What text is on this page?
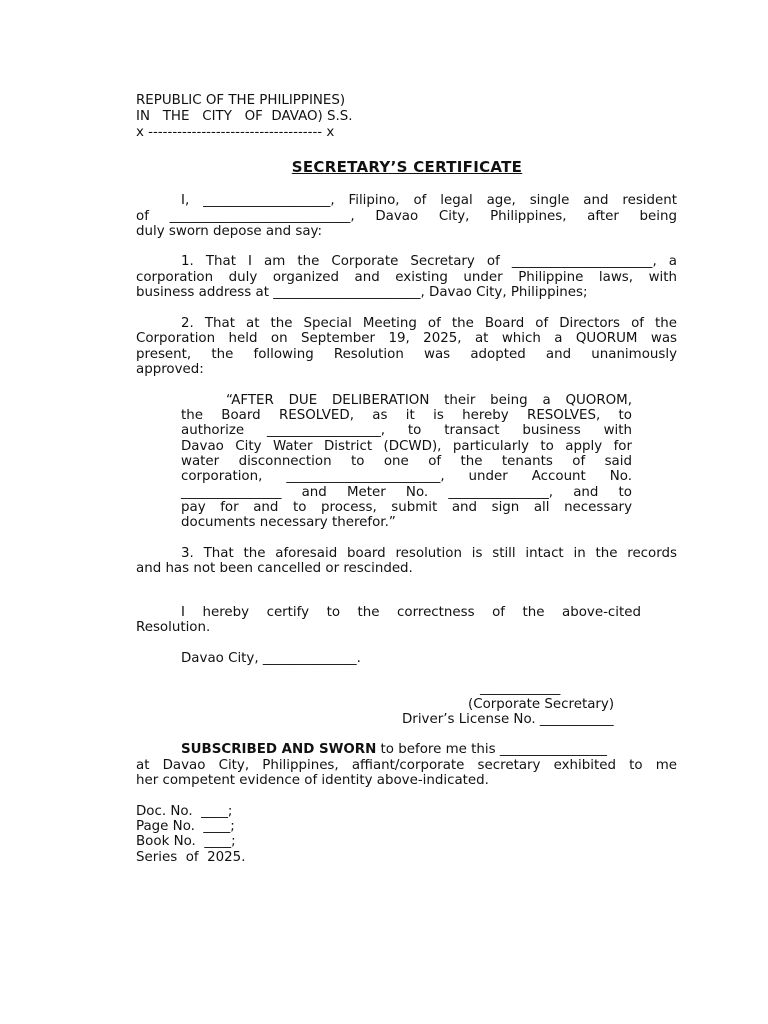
REPUBLIC OF THE PHILIPPINES)
IN   THE   CITY   OF  DAVAO) S.S.
x ------------------------------------ x
SECRETARY’S CERTIFICATE
I, ___________________, Filipino, of legal age, single and resident
of ___________________________, Davao City, Philippines, after being
duly sworn depose and say:
1. That I am the Corporate Secretary of _____________________, a
corporation duly organized and existing under Philippine laws, with
business address at ______________________, Davao City, Philippines;
2. That at the Special Meeting of the Board of Directors of the
Corporation held on September 19, 2025, at which a QUORUM was
present, the following Resolution was adopted and unanimously
approved:
“AFTER DUE DELIBERATION their being a QUOROM,
the Board RESOLVED, as it is hereby RESOLVES, to
authorize _________________, to transact business with
Davao City Water District (DCWD), particularly to apply for
water disconnection to one of the tenants of said
corporation, _______________________, under Account No.
_______________ and Meter No. _______________, and to
pay for and to process, submit and sign all necessary
documents necessary therefor.”
3. That the aforesaid board resolution is still intact in the records
and has not been cancelled or rescinded.
I hereby certify to the correctness of the above-cited
Resolution.
Davao City, ______________.
____________
(Corporate Secretary)
Driver’s License No. ___________
SUBSCRIBED AND SWORN to before me this ________________
at Davao City, Philippines, affiant/corporate secretary exhibited to me
her competent evidence of identity above-indicated.
Doc. No.  ____;
Page No.  ____;
Book No.  ____;
Series  of  2025.
